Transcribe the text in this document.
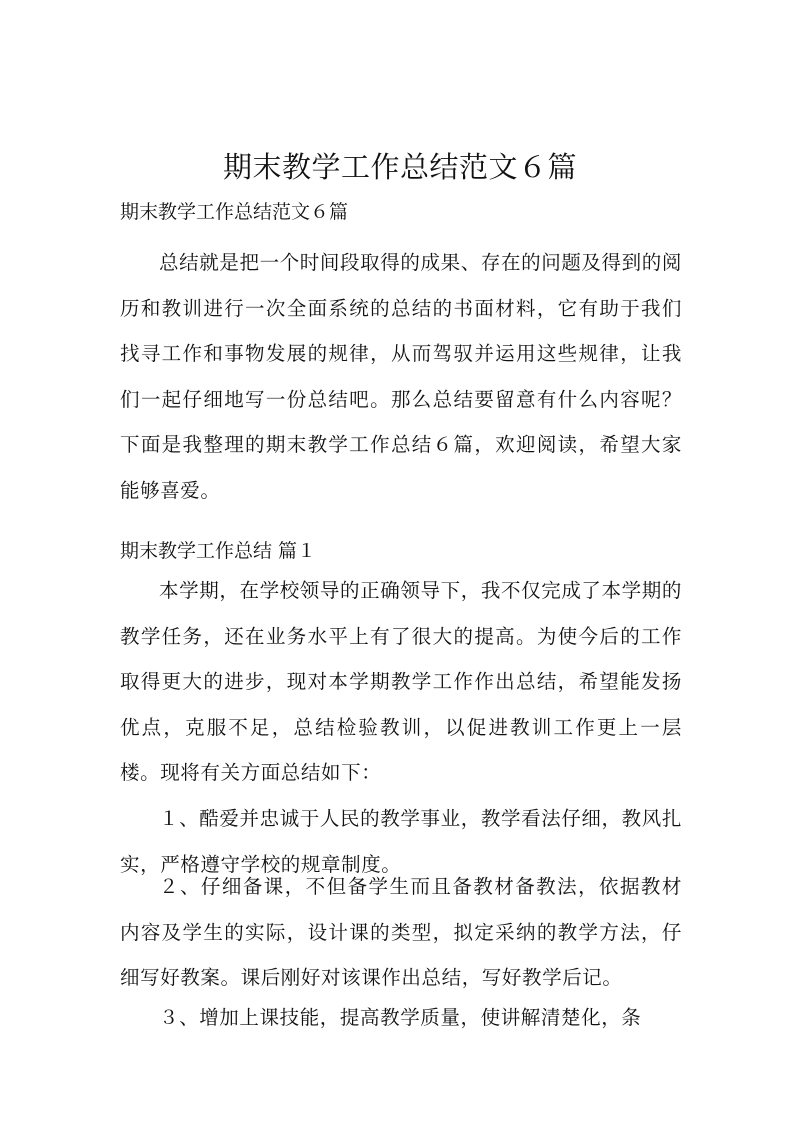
期末教学工作总结范文６篇
期末教学工作总结范文６篇

总结就是把一个时间段取得的成果、存在的问题及得到的阅历和教训进行一次全面系统的总结的书面材料，它有助于我们找寻工作和事物发展的规律，从而驾驭并运用这些规律，让我们一起仔细地写一份总结吧。那么总结要留意有什么内容呢？下面是我整理的期末教学工作总结６篇，欢迎阅读，希望大家能够喜爱。

期末教学工作总结 篇１

本学期，在学校领导的正确领导下，我不仅完成了本学期的教学任务，还在业务水平上有了很大的提高。为使今后的工作取得更大的进步，现对本学期教学工作作出总结，希望能发扬优点，克服不足，总结检验教训，以促进教训工作更上一层楼。现将有关方面总结如下：

１、酷爱并忠诚于人民的教学事业，教学看法仔细，教风扎实，严格遵守学校的规章制度。

２、仔细备课，不但备学生而且备教材备教法，依据教材 内容及学生的实际，设计课的类型，拟定采纳的教学方法，仔细写好教案。课后刚好对该课作出总结，写好教学后记。

３、增加上课技能，提高教学质量，使讲解清楚化，条
